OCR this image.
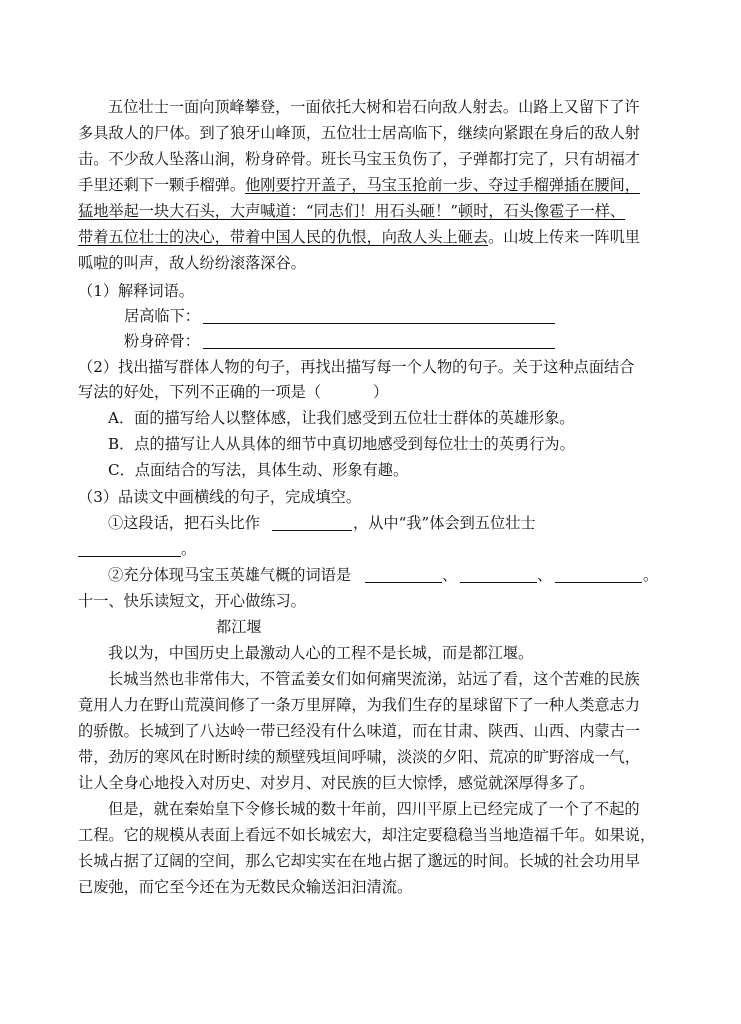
五位壮士一面向顶峰攀登，一面依托大树和岩石向敌人射去。山路上又留下了许
多具敌人的尸体。到了狼牙山峰顶，五位壮士居高临下，继续向紧跟在身后的敌人射
击。不少敌人坠落山涧，粉身碎骨。班长马宝玉负伤了，子弹都打完了，只有胡福才
手里还剩下一颗手榴弹。他刚要拧开盖子，马宝玉抢前一步、夺过手榴弹插在腰间，
猛地举起一块大石头，大声喊道：“同志们！用石头砸！”顿时，石头像雹子一样、
带着五位壮士的决心，带着中国人民的仇恨，向敌人头上砸去。山坡上传来一阵叽里
呱啦的叫声，敌人纷纷滚落深谷。
（1）解释词语。
居高临下：
粉身碎骨：
（2）找出描写群体人物的句子，再找出描写每一个人物的句子。关于这种点面结合
写法的好处，下列不正确的一项是（	）
A．面的描写给人以整体感，让我们感受到五位壮士群体的英雄形象。
B．点的描写让人从具体的细节中真切地感受到每位壮士的英勇行为。
C．点面结合的写法，具体生动、形象有趣。
（3）品读文中画横线的句子，完成填空。
①这段话，把石头比作	，从中“我”体会到五位壮士
。
②充分体现马宝玉英雄气概的词语是	、	、	。
十一、快乐读短文，开心做练习。
都江堰
我以为，中国历史上最激动人心的工程不是长城，而是都江堰。
长城当然也非常伟大，不管孟姜女们如何痛哭流涕，站远了看，这个苦难的民族
竟用人力在野山荒漠间修了一条万里屏障，为我们生存的星球留下了一种人类意志力
的骄傲。长城到了八达岭一带已经没有什么味道，而在甘肃、陕西、山西、内蒙古一
带，劲厉的寒风在时断时续的颓壁残垣间呼啸，淡淡的夕阳、荒凉的旷野溶成一气，
让人全身心地投入对历史、对岁月、对民族的巨大惊悸，感觉就深厚得多了。
但是，就在秦始皇下令修长城的数十年前，四川平原上已经完成了一个了不起的
工程。它的规模从表面上看远不如长城宏大，却注定要稳稳当当地造福千年。如果说，
长城占据了辽阔的空间，那么它却实实在在地占据了邈远的时间。长城的社会功用早
已废弛，而它至今还在为无数民众输送汩汩清流。
